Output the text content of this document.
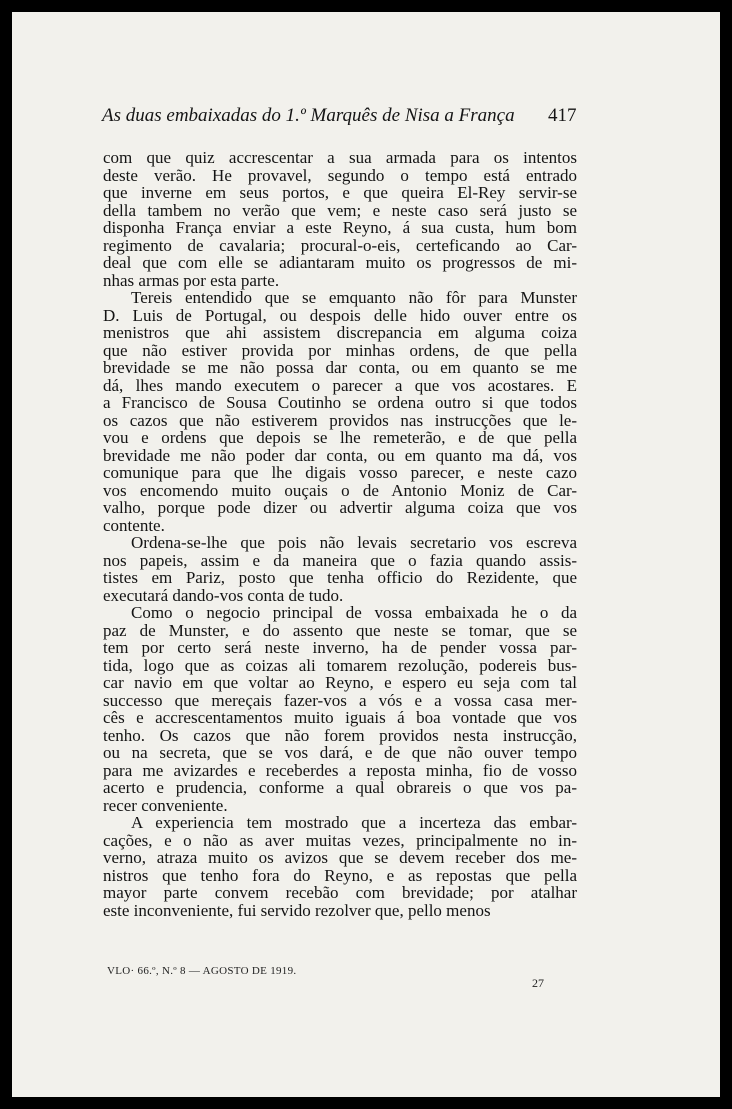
As duas embaixadas do 1.º Marquês de Nisa a França 417

com que quiz accrescentar a sua armada para os intentos
deste verão. He provavel, segundo o tempo está entrado
que inverne em seus portos, e que queira El-Rey servir-se
della tambem no verão que vem; e neste caso será justo se
disponha França enviar a este Reyno, á sua custa, hum bom
regimento de cavalaria; procural-o-eis, certeficando ao Car-
deal que com elle se adiantaram muito os progressos de mi-
nhas armas por esta parte.

Tereis entendido que se emquanto não fôr para Munster
D. Luis de Portugal, ou despois delle hido ouver entre os
menistros que ahi assistem discrepancia em alguma coiza
que não estiver provida por minhas ordens, de que pella
brevidade se me não possa dar conta, ou em quanto se me
dá, lhes mando executem o parecer a que vos acostares. E
a Francisco de Sousa Coutinho se ordena outro si que todos
os cazos que não estiverem providos nas instrucções que le-
vou e ordens que depois se lhe remeterão, e de que pella
brevidade me não poder dar conta, ou em quanto ma dá, vos
comunique para que lhe digais vosso parecer, e neste cazo
vos encomendo muito ouçais o de Antonio Moniz de Car-
valho, porque pode dizer ou advertir alguma coiza que vos
contente.

Ordena-se-lhe que pois não levais secretario vos escreva
nos papeis, assim e da maneira que o fazia quando assis-
tistes em Pariz, posto que tenha officio do Rezidente, que
executará dando-vos conta de tudo.

Como o negocio principal de vossa embaixada he o da
paz de Munster, e do assento que neste se tomar, que se
tem por certo será neste inverno, ha de pender vossa par-
tida, logo que as coizas ali tomarem rezolução, podereis bus-
car navio em que voltar ao Reyno, e espero eu seja com tal
successo que mereçais fazer-vos a vós e a vossa casa mer-
cês e accrescentamentos muito iguais á boa vontade que vos
tenho. Os cazos que não forem providos nesta instrucção,
ou na secreta, que se vos dará, e de que não ouver tempo
para me avizardes e receberdes a reposta minha, fio de vosso
acerto e prudencia, conforme a qual obrareis o que vos pa-
recer conveniente.

A experiencia tem mostrado que a incerteza das embar-
cações, e o não as aver muitas vezes, principalmente no in-
verno, atraza muito os avizos que se devem receber dos me-
nistros que tenho fora do Reyno, e as repostas que pella
mayor parte convem recebão com brevidade; por atalhar
este inconveniente, fui servido rezolver que, pello menos

VLO· 66.º, N.º 8 — AGOSTO DE 1919.
27
